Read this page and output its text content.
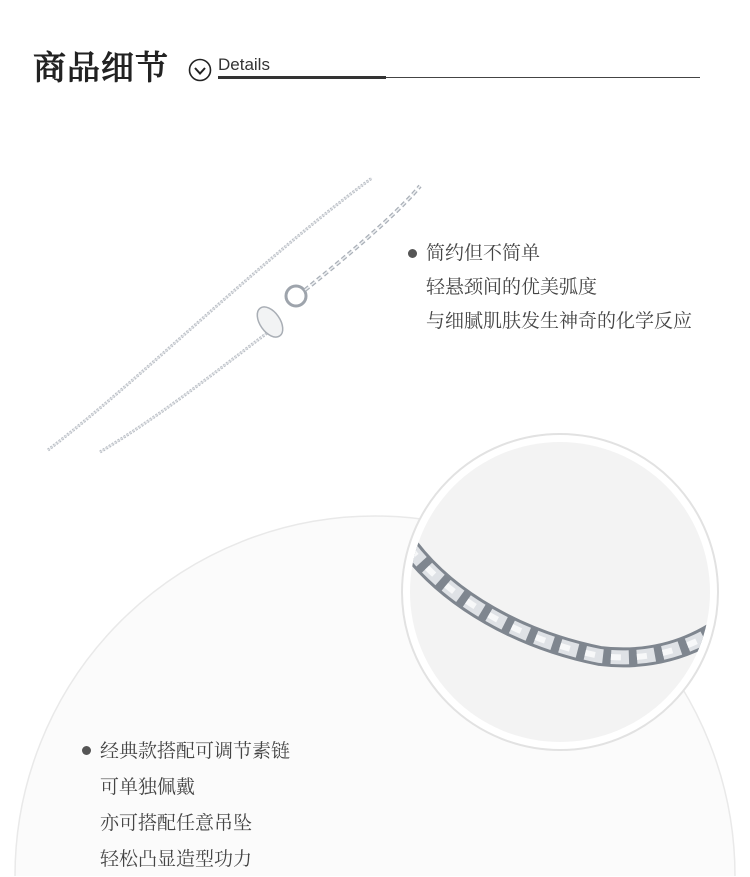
商品细节	Details
简约但不简单
轻悬颈间的优美弧度
与细腻肌肤发生神奇的化学反应
经典款搭配可调节素链
可单独佩戴
亦可搭配任意吊坠
轻松凸显造型功力
